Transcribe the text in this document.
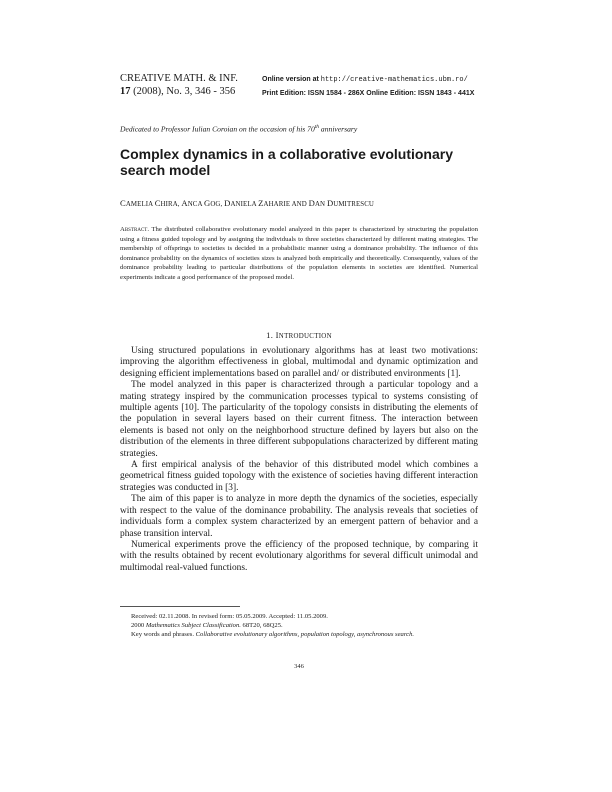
CREATIVE MATH. & INF.
17 (2008), No. 3, 346 - 356
Online version at http://creative-mathematics.ubm.ro/
Print Edition: ISSN 1584 - 286X Online Edition: ISSN 1843 - 441X
Dedicated to Professor Iulian Coroian on the occasion of his 70th anniversary
Complex dynamics in a collaborative evolutionary search model
CAMELIA CHIRA, ANCA GOG, DANIELA ZAHARIE AND DAN DUMITRESCU
Abstract. The distributed collaborative evolutionary model analyzed in this paper is characterized by structuring the population using a fitness guided topology and by assigning the individuals to three societies characterized by different mating strategies. The membership of offsprings to societies is decided in a probabilistic manner using a dominance probability. The influence of this dominance probability on the dynamics of societies sizes is analyzed both empirically and theoretically. Consequently, values of the dominance probability leading to particular distributions of the population elements in societies are identified. Numerical experiments indicate a good performance of the proposed model.
1. INTRODUCTION

Using structured populations in evolutionary algorithms has at least two motivations: improving the algorithm effectiveness in global, multimodal and dynamic optimization and designing efficient implementations based on parallel and/ or distributed environments [1].

The model analyzed in this paper is characterized through a particular topology and a mating strategy inspired by the communication processes typical to systems consisting of multiple agents [10]. The particularity of the topology consists in distributing the elements of the population in several layers based on their current fitness. The interaction between elements is based not only on the neighborhood structure defined by layers but also on the distribution of the elements in three different subpopulations characterized by different mating strategies.

A first empirical analysis of the behavior of this distributed model which combines a geometrical fitness guided topology with the existence of societies having different interaction strategies was conducted in [3].

The aim of this paper is to analyze in more depth the dynamics of the societies, especially with respect to the value of the dominance probability. The analysis reveals that societies of individuals form a complex system characterized by an emergent pattern of behavior and a phase transition interval.

Numerical experiments prove the efficiency of the proposed technique, by comparing it with the results obtained by recent evolutionary algorithms for several difficult unimodal and multimodal real-valued functions.

Received: 02.11.2008. In revised form: 05.05.2009. Accepted: 11.05.2009.

2000 Mathematics Subject Classification. 68T20, 68Q25.

Key words and phrases. Collaborative evolutionary algorithms, population topology, asynchronous search.

346
